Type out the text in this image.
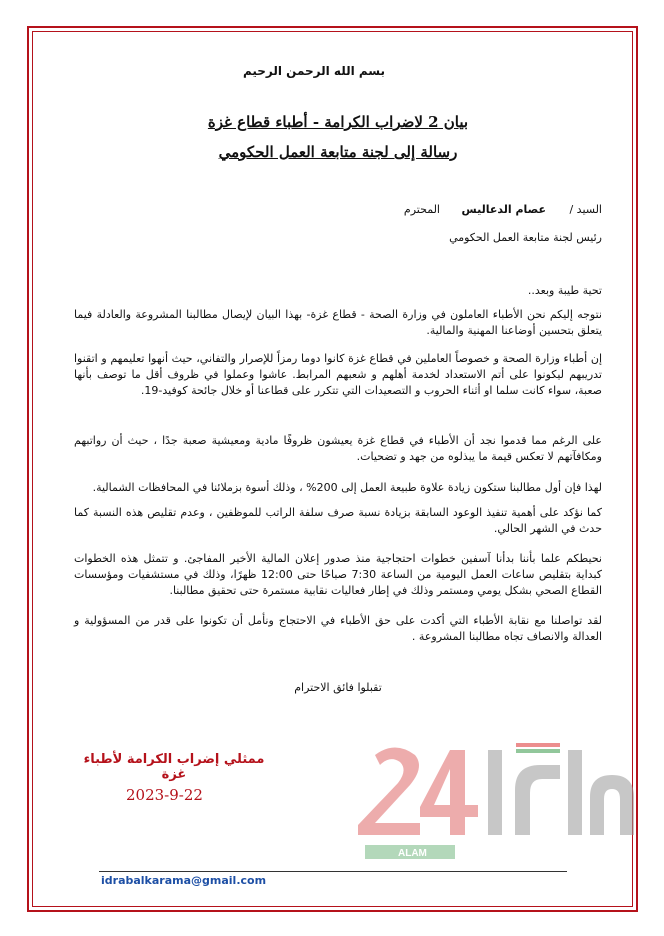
ALAM
بسم الله الرحمن الرحيم
بيان 2 لاضراب الكرامة - أطباء قطاع غزة
رسالة إلى لجنة متابعة العمل الحكومي
السيد /
عصام الدعاليس
المحترم
رئيس لجنة متابعة العمل الحكومي
تحية طيبة وبعد..
نتوجه إليكم نحن الأطباء العاملون في وزارة الصحة - قطاع غزة- بهذا البيان لإيصال مطالبنا المشروعة والعادلة فيما يتعلق بتحسين أوضاعنا المهنية والمالية.
إن أطباء وزارة الصحة و خصوصاً العاملين في قطاع غزة كانوا دوما رمزاً للإصرار والتفاني، حيث أنهوا تعليمهم و اتقنوا تدريبهم ليكونوا على أتم الاستعداد لخدمة أهلهم و شعبهم المرابط. عاشوا وعملوا في ظروف أقل ما توصف بأنها صعبة، سواء كانت سلما او أثناء الحروب و التصعيدات التي تتكرر على قطاعنا أو خلال جائحة كوفيد-19.
على الرغم مما قدموا نجد أن الأطباء في قطاع غزة يعيشون ظروفًا مادية ومعيشية صعبة جدًا ، حيث أن رواتبهم ومكافآتهم لا تعكس قيمة ما يبذلوه من جهد و تضحيات.
لهذا فإن أول مطالبنا ستكون زيادة علاوة طبيعة العمل إلى 200% ، وذلك أسوة بزملائنا في المحافظات الشمالية.
كما نؤكد على أهمية تنفيذ الوعود السابقة بزيادة نسبة صرف سلفة الراتب للموظفين ، وعدم تقليص هذه النسبة كما حدث في الشهر الحالي.
نحيطكم علما بأننا بدأنا آسفين خطوات احتجاجية منذ صدور إعلان المالية الأخير المفاجئ. و تتمثل هذه الخطوات كبداية بتقليص ساعات العمل اليومية من الساعة 7:30 صباحًا حتى 12:00 ظهرًا، وذلك في مستشفيات ومؤسسات القطاع الصحي بشكل يومي ومستمر وذلك في إطار فعاليات نقابية مستمرة حتى تحقيق مطالبنا.
لقد تواصلنا مع نقابة الأطباء التي أكدت على حق الأطباء في الاحتجاج ونأمل أن تكونوا على قدر من المسؤولية و العدالة والانصاف تجاه مطالبنا المشروعة .
تقبلوا فائق الاحترام
ممثلي إضراب الكرامة لأطباء غزة
2023-9-22
idrabalkarama@gmail.com
